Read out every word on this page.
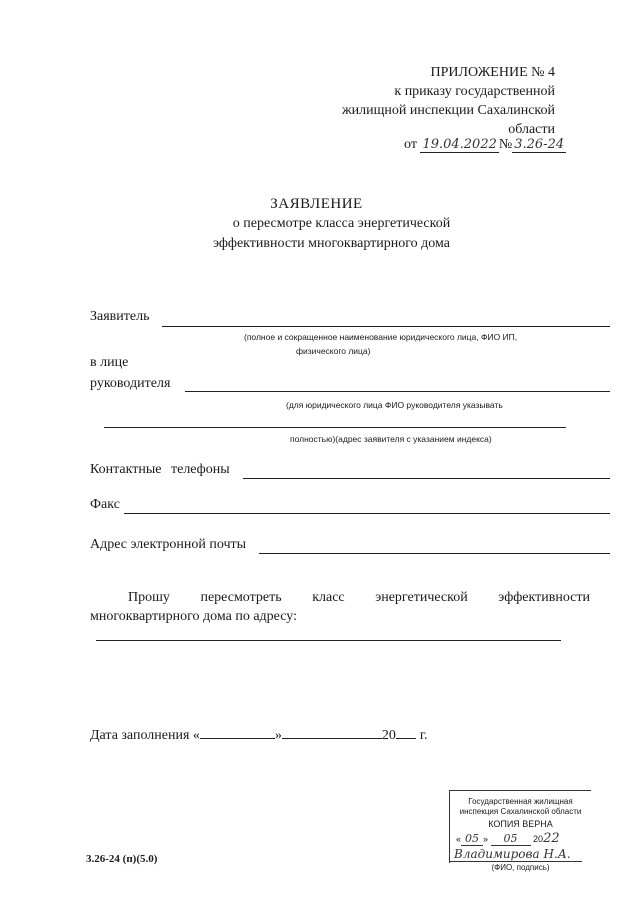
ПРИЛОЖЕНИЕ № 4
к приказу государственной
жилищной инспекции Сахалинской
области
от 19.04.2022 № 3.26-24
ЗАЯВЛЕНИЕ
о пересмотре класса энергетической
эффективности многоквартирного дома
Заявитель
(полное и сокращенное наименование юридического лица, ФИО ИП,
физического лица)
в лице
руководителя
(для юридического лица ФИО руководителя указывать
полностью)(адрес заявителя с указанием индекса)
Контактные телефоны
Факс
Адрес электронной почты
Прошу пересмотреть класс энергетической эффективности
многоквартирного дома по адресу:
Дата заполнения «	»	20 г.
3.26-24 (п)(5.0)
Государственная жилищная
инспекция Сахалинской области
КОПИЯ ВЕРНА
« 05 » 05 2022
Владимирова Н.А.
(ФИО, подпись)
